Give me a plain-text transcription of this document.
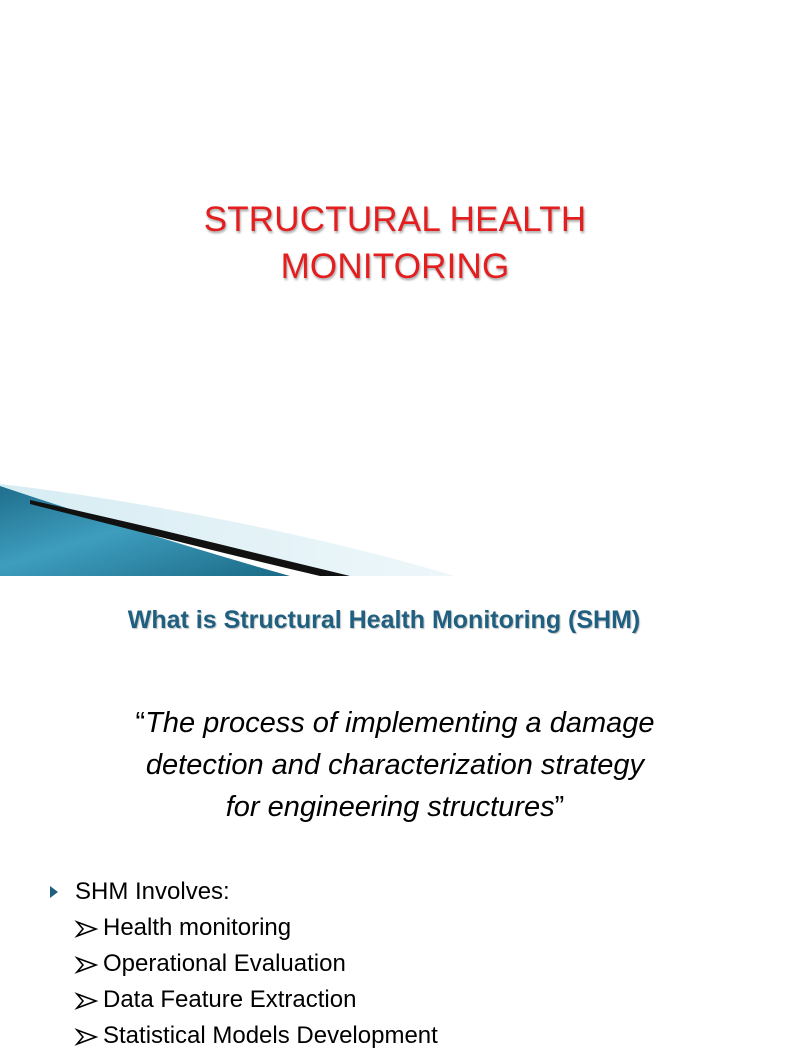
STRUCTURAL HEALTH
MONITORING
What is Structural Health Monitoring (SHM)
“The process of implementing a damage
detection and characterization strategy
for engineering structures”
SHM Involves:
Health monitoring
Operational Evaluation
Data Feature Extraction
Statistical Models Development
